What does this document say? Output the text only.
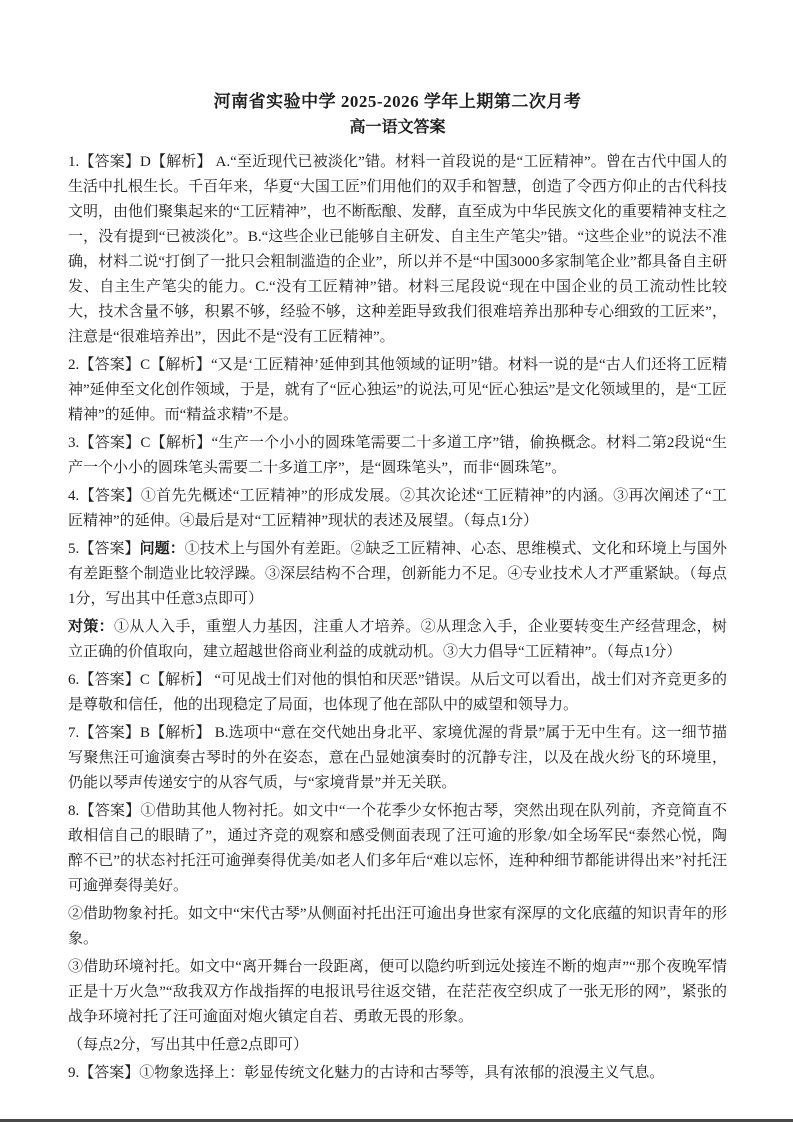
河南省实验中学 2025-2026 学年上期第二次月考
高一语文答案

1.【答案】D【解析】 A.“至近现代已被淡化”错。材料一首段说的是“工匠精神”。曾在古代中国人的生活中扎根生长。千百年来，华夏“大国工匠”们用他们的双手和智慧，创造了令西方仰止的古代科技文明，由他们聚集起来的“工匠精神”，也不断酝酿、发酵，直至成为中华民族文化的重要精神支柱之一，没有提到“已被淡化”。B.“这些企业已能够自主研发、自主生产笔尖”错。“这些企业”的说法不准确，材料二说“打倒了一批只会粗制滥造的企业”，所以并不是“中国3000多家制笔企业”都具备自主研发、自主生产笔尖的能力。C.“没有工匠精神”错。材料三尾段说“现在中国企业的员工流动性比较大，技术含量不够，积累不够，经验不够，这种差距导致我们很难培养出那种专心细致的工匠来”，注意是“很难培养出”，因此不是“没有工匠精神”。

2.【答案】C【解析】“又是‘工匠精神’延伸到其他领域的证明”错。材料一说的是“古人们还将工匠精神”延伸至文化创作领域，于是，就有了“匠心独运”的说法,可见“匠心独运”是文化领域里的，是“工匠精神”的延伸。而“精益求精”不是。

3.【答案】C【解析】“生产一个小小的圆珠笔需要二十多道工序”错，偷换概念。材料二第2段说“生产一个小小的圆珠笔头需要二十多道工序”，是“圆珠笔头”，而非“圆珠笔”。

4.【答案】①首先先概述“工匠精神”的形成发展。②其次论述“工匠精神”的内涵。③再次阐述了“工匠精神”的延伸。④最后是对“工匠精神”现状的表述及展望。（每点1分）

5.【答案】问题：①技术上与国外有差距。②缺乏工匠精神、心态、思维模式、文化和环境上与国外有差距整个制造业比较浮躁。③深层结构不合理，创新能力不足。④专业技术人才严重紧缺。（每点1分，写出其中任意3点即可）

对策：①从人入手，重塑人力基因，注重人才培养。②从理念入手，企业要转变生产经营理念，树立正确的价值取向，建立超越世俗商业利益的成就动机。③大力倡导“工匠精神”。（每点1分）

6.【答案】C【解析】 “可见战士们对他的惧怕和厌恶”错误。从后文可以看出，战士们对齐竞更多的是尊敬和信任，他的出现稳定了局面，也体现了他在部队中的威望和领导力。

7.【答案】B【解析】 B.选项中“意在交代她出身北平、家境优渥的背景”属于无中生有。这一细节描写聚焦汪可逾演奏古琴时的外在姿态，意在凸显她演奏时的沉静专注，以及在战火纷飞的环境里，仍能以琴声传递安宁的从容气质，与“家境背景”并无关联。

8.【答案】①借助其他人物衬托。如文中“一个花季少女怀抱古琴，突然出现在队列前，齐竞简直不敢相信自己的眼睛了”，通过齐竞的观察和感受侧面表现了汪可逾的形象/如全场军民“泰然心悦，陶醉不已”的状态衬托汪可逾弹奏得优美/如老人们多年后“难以忘怀，连种种细节都能讲得出来”衬托汪可逾弹奏得美好。

②借助物象衬托。如文中“宋代古琴”从侧面衬托出汪可逾出身世家有深厚的文化底蕴的知识青年的形象。

③借助环境衬托。如文中“离开舞台一段距离，便可以隐约听到远处接连不断的炮声”“那个夜晚军情正是十万火急”“敌我双方作战指挥的电报讯号往返交错，在茫茫夜空织成了一张无形的网”，紧张的战争环境衬托了汪可逾面对炮火镇定自若、勇敢无畏的形象。

（每点2分，写出其中任意2点即可）

9.【答案】①物象选择上：彰显传统文化魅力的古诗和古琴等，具有浓郁的浪漫主义气息。
